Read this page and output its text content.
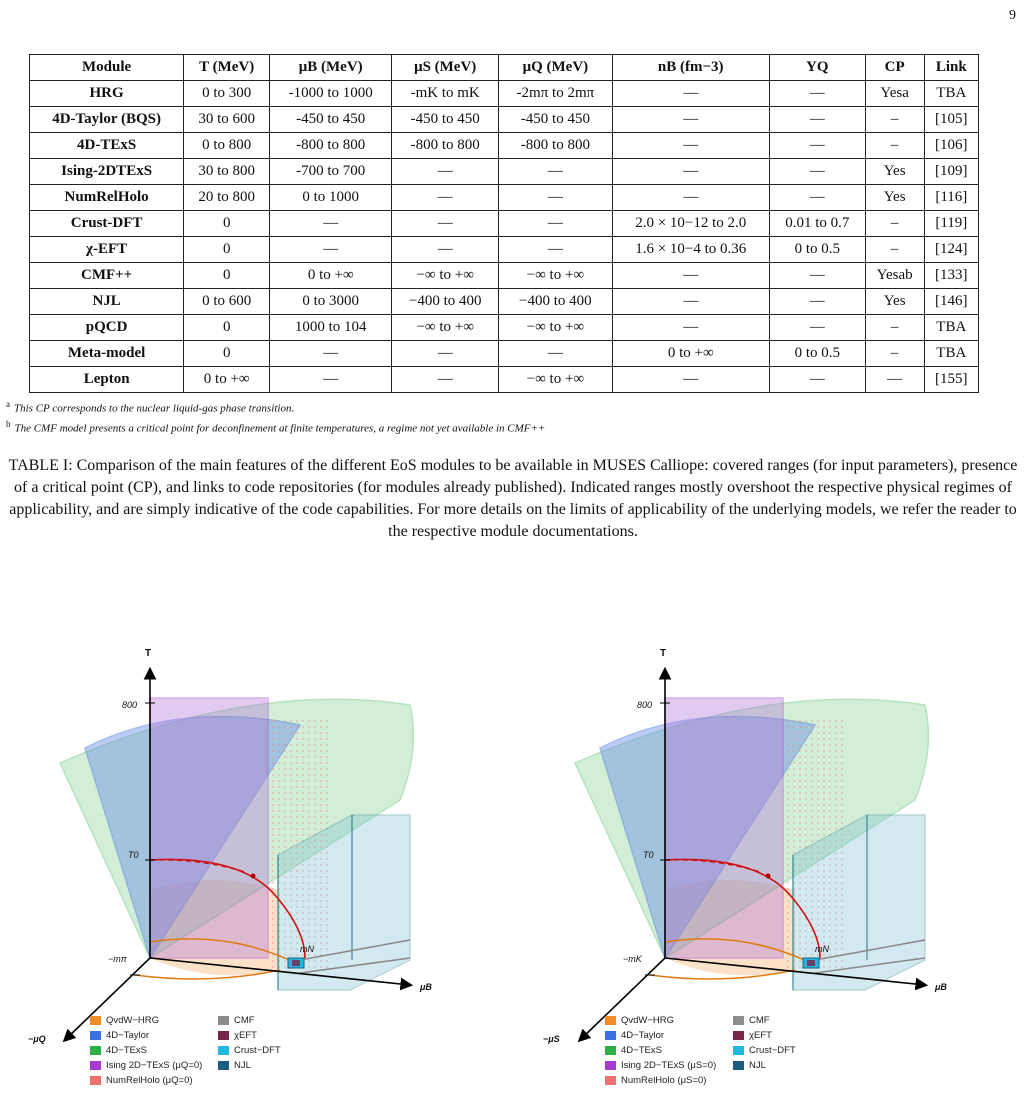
9
Module	T (MeV)	μB (MeV)	μS (MeV)	μQ (MeV)	nB (fm−3)	YQ	CP	Link
HRG	0 to 300	-1000 to 1000	-mK to mK	-2mπ to 2mπ	—	—	Yesa	TBA
4D-Taylor (BQS)	30 to 600	-450 to 450	-450 to 450	-450 to 450	—	—	–	[105]
4D-TExS	0 to 800	-800 to 800	-800 to 800	-800 to 800	—	—	–	[106]
Ising-2DTExS	30 to 800	-700 to 700	—	—	—	—	Yes	[109]
NumRelHolo	20 to 800	0 to 1000	—	—	—	—	Yes	[116]
Crust-DFT	0	—	—	—	2.0 × 10−12 to 2.0	0.01 to 0.7	–	[119]
χ-EFT	0	—	—	—	1.6 × 10−4 to 0.36	0 to 0.5	–	[124]
CMF++	0	0 to +∞	−∞ to +∞	−∞ to +∞	—	—	Yesab	[133]
NJL	0 to 600	0 to 3000	−400 to 400	−400 to 400	—	—	Yes	[146]
pQCD	0	1000 to 104	−∞ to +∞	−∞ to +∞	—	—	–	TBA
Meta-model	0	—	—	—	0 to +∞	0 to 0.5	–	TBA
Lepton	0 to +∞	—	—	−∞ to +∞	—	—	—	[155]
$^a$ This CP corresponds to the nuclear liquid-gas phase transition.
$^b$ The CMF model presents a critical point for deconfinement at finite temperatures, a regime not yet available in CMF++
TABLE I: Comparison of the main features of the different EoS modules to be available in MUSES Calliope: covered ranges (for input parameters), presence of a critical point (CP), and links to code repositories (for modules already published). Indicated ranges mostly overshoot the respective physical regimes of applicability, and are simply indicative of the code capabilities. For more details on the limits of applicability of the underlying models, we refer the reader to the respective module documentations.
T
800
T0
−mπ
mN
μB
−μQ
QvdW−HRG	CMF
4D−Taylor	χEFT
4D−TExS	Crust−DFT
Ising 2D−TExS (μQ=0)	NJL
NumRelHolo (μQ=0)
T
800
T0
−mK
mN
μB
−μS
QvdW−HRG	CMF
4D−Taylor	χEFT
4D−TExS	Crust−DFT
Ising 2D−TExS (μS=0)	NJL
NumRelHolo (μS=0)
